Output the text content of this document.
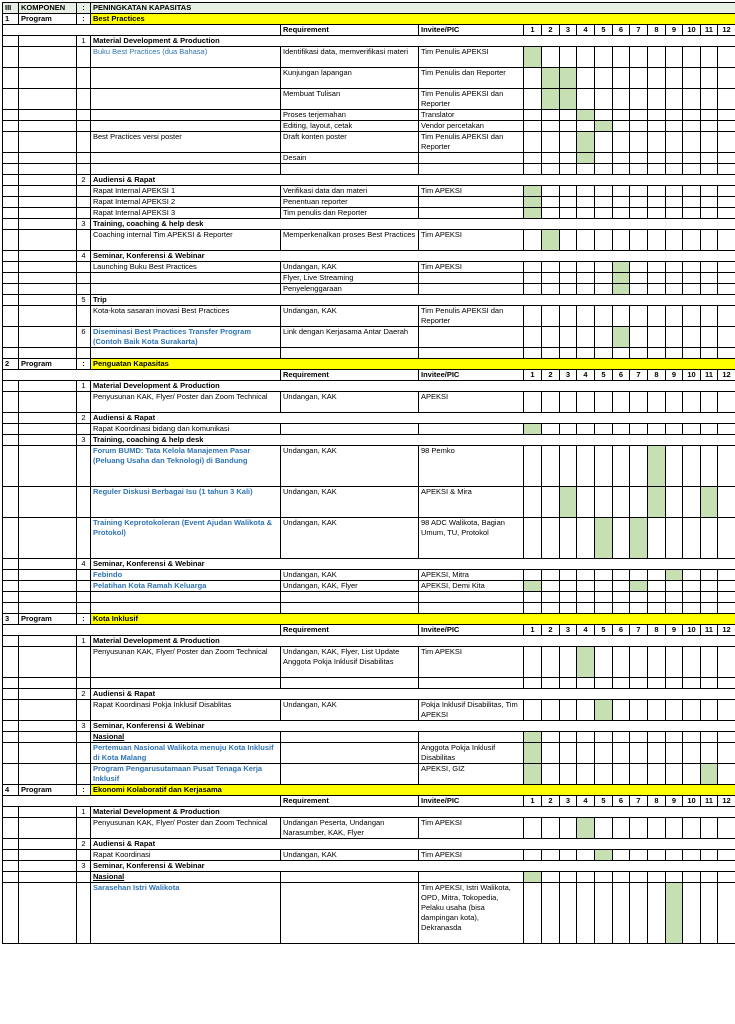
III	KOMPONEN	:	PENINGKATAN KAPASITAS														
1	Program	:	Best Practices														
				Requirement	Invitee/PIC	1	2	3	4	5	6	7	8	9	10	11	12
		1	Material Development & Production														
			Buku Best Practices (dua Bahasa)	Identifikasi data, memverifikasi materi	Tim Penulis APEKSI												
				Kunjungan lapangan	Tim Penulis dan Reporter												
				Membuat Tulisan	Tim Penulis APEKSI dan Reporter												
				Proses terjemahan	Translator												
				Editing, layout, cetak	Vendor percetakan												
			Best Practices versi poster	Draft konten poster	Tim Penulis APEKSI dan Reporter												
				Desain													

		2	Audiensi & Rapat														
			Rapat Internal APEKSI 1	Verifikasi data dan materi	Tim APEKSI												
			Rapat Internal APEKSI 2	Penentuan reporter													
			Rapat Internal APEKSI 3	Tim penulis dan Reporter													
		3	Training, coaching & help desk														
			Coaching internal Tim APEKSI & Reporter	Memperkenalkan proses Best Practices	Tim APEKSI												
		4	Seminar, Konferensi & Webinar														
			Launching Buku Best Practices	Undangan, KAK	Tim APEKSI												
				Flyer, Live Streaming													
				Penyelenggaraan													
		5	Trip														
			Kota-kota sasaran inovasi Best Practices	Undangan, KAK	Tim Penulis APEKSI dan Reporter												
		6	Diseminasi Best Practices Transfer Program (Contoh Baik Kota Surakarta)	Link dengan Kerjasama Antar Daerah													

2	Program	:	Penguatan Kapasitas														
				Requirement	Invitee/PIC	1	2	3	4	5	6	7	8	9	10	11	12
		1	Material Development & Production														
			Penyusunan KAK, Flyer/ Poster dan Zoom Technical	Undangan, KAK	APEKSI												
		2	Audiensi & Rapat														
			Rapat Koordinasi bidang dan komunikasi														
		3	Training, coaching & help desk														
			Forum BUMD: Tata Kelola Manajemen Pasar (Peluang Usaha dan Teknologi) di Bandung	Undangan, KAK	98 Pemko												
			Reguler Diskusi Berbagai Isu (1 tahun 3 Kali)	Undangan, KAK	APEKSI & Mira												
			Training Keprotokoleran (Event Ajudan Walikota & Protokol)	Undangan, KAK	98 ADC Walikota, Bagian Umum, TU, Protokol												
		4	Seminar, Konferensi & Webinar														
			Febindo	Undangan, KAK	APEKSI, Mitra												
			Pelatihan Kota Ramah Keluarga	Undangan, KAK, Flyer	APEKSI, Demi Kita												

3	Program	:	Kota Inklusif														
				Requirement	Invitee/PIC	1	2	3	4	5	6	7	8	9	10	11	12
		1	Material Development & Production														
			Penyusunan KAK, Flyer/ Poster dan Zoom Technical	Undangan, KAK, Flyer, List Update Anggota Pokja Inklusif Disabilitas	Tim APEKSI												

		2	Audiensi & Rapat														
			Rapat Koordinasi Pokja Inklusif Disablitas	Undangan, KAK	Pokja Inklusif Disabilitas, Tim APEKSI												
		3	Seminar, Konferensi & Webinar														
			Nasional														
			Pertemuan Nasional Walikota menuju Kota Inklusif di Kota Malang		Anggota Pokja Inklusif Disabilitas												
			Program Pengarusutamaan Pusat Tenaga Kerja Inklusif		APEKSI, GIZ												
4	Program	:	Ekonomi Kolaboratif dan Kerjasama														
				Requirement	Invitee/PIC	1	2	3	4	5	6	7	8	9	10	11	12
		1	Material Development & Production														
			Penyusunan KAK, Flyer/ Poster dan Zoom Technical	Undangan Peserta, Undangan Narasumber, KAK, Flyer	Tim APEKSI												
		2	Audiensi & Rapat														
			Rapat Koordinasi	Undangan, KAK	Tim APEKSI												
		3	Seminar, Konferensi & Webinar														
			Nasional														
			Sarasehan Istri Walikota		Tim APEKSI, Istri Walikota, OPD, Mitra, Tokopedia, Pelaku usaha (bisa dampingan kota), Dekranasda												
